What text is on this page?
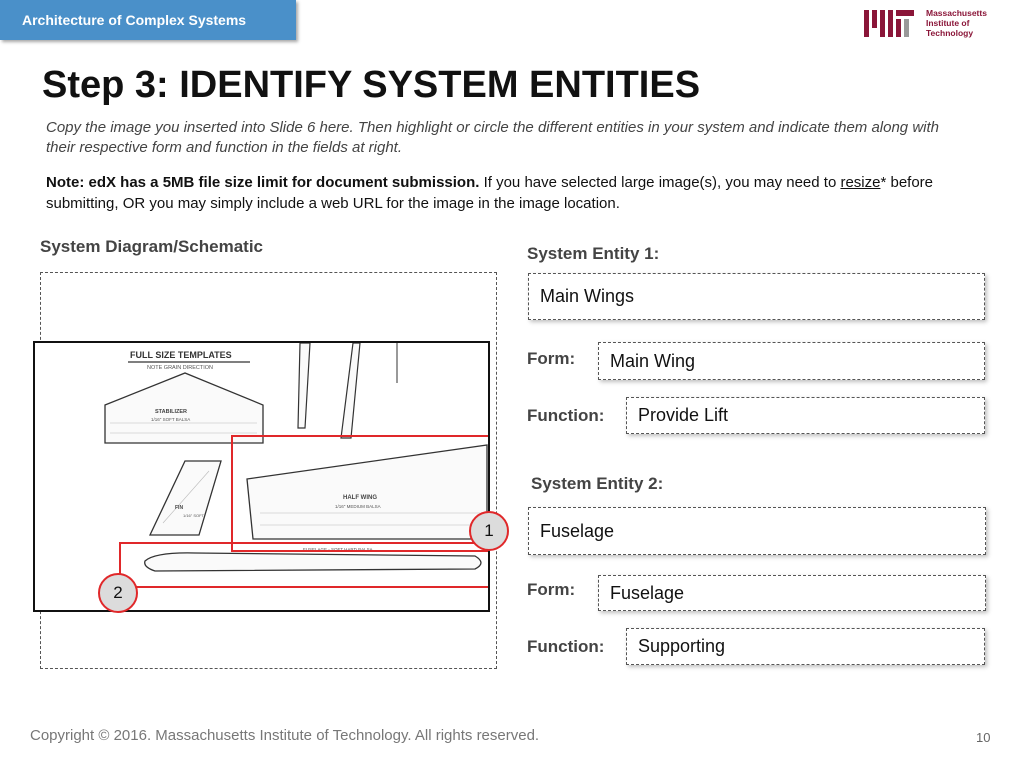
Architecture of Complex Systems	Massachusetts
Institute of
Technology
Step 3: IDENTIFY SYSTEM ENTITIES
Copy the image you inserted into Slide 6 here. Then highlight or circle the different entities in your system and indicate them along with their respective form and function in the fields at right.
Note: edX has a 5MB file size limit for document submission. If you have selected large image(s), you may need to resize* before submitting, OR you may simply include a web URL for the image in the image location.
System Diagram/Schematic
FULL SIZE TEMPLATES
NOTE GRAIN DIRECTION
STABILIZER
1/16" SOFT BALSA
FIN
1/16" SOFT
HALF WING
1/16" MEDIUM BALSA
FUSELAGE - SOFT HARD BALSA
1
2
System Entity 1:
Main Wings
Form:	Main Wing
Function:	Provide Lift
System Entity 2:
Fuselage
Form:	Fuselage
Function:	Supporting
Copyright © 2016. Massachusetts Institute of Technology. All rights reserved.	10
